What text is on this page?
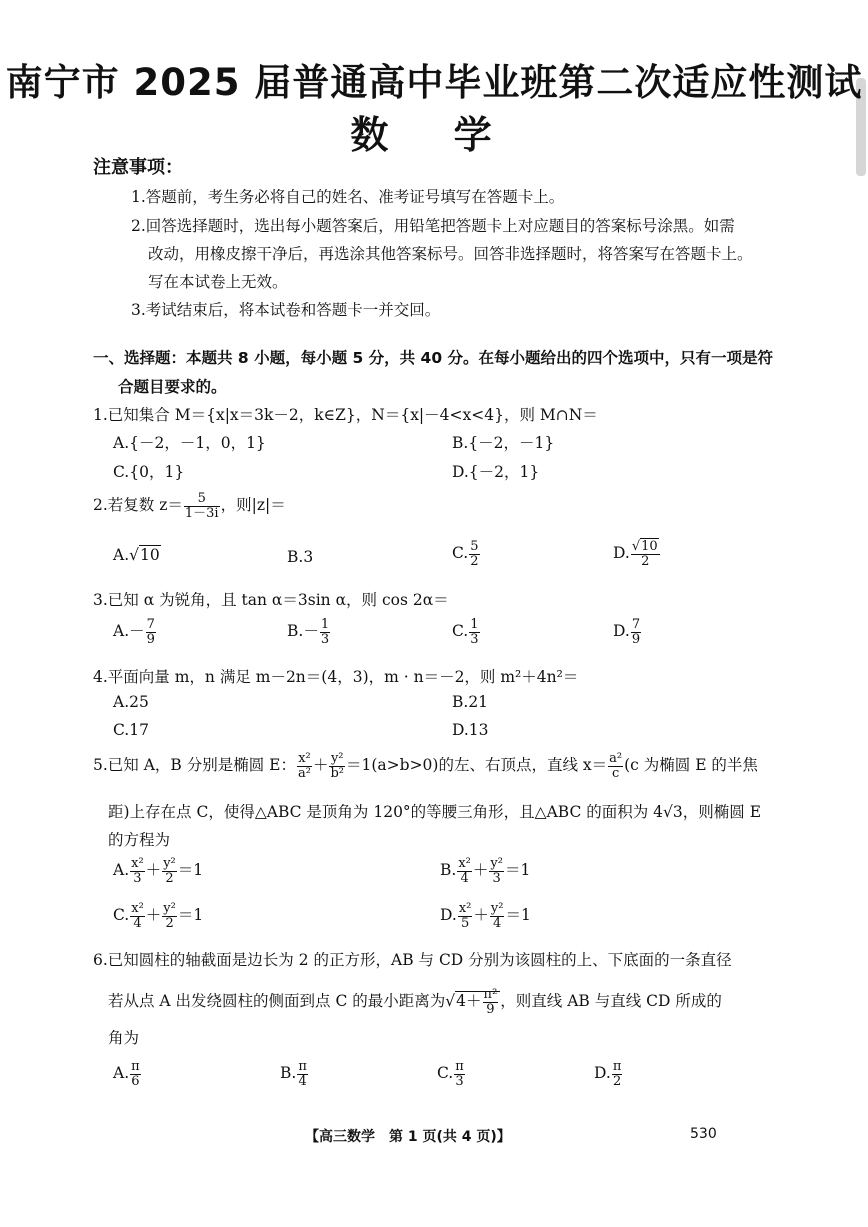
南宁市 2025 届普通高中毕业班第二次适应性测试
数 学
注意事项：
1.答题前，考生务必将自己的姓名、准考证号填写在答题卡上。
2.回答选择题时，选出每小题答案后，用铅笔把答题卡上对应题目的答案标号涂黑。如需
改动，用橡皮擦干净后，再选涂其他答案标号。回答非选择题时，将答案写在答题卡上。
写在本试卷上无效。
3.考试结束后，将本试卷和答题卡一并交回。
一、选择题：本题共 8 小题，每小题 5 分，共 40 分。在每小题给出的四个选项中，只有一项是符
合题目要求的。
1.已知集合 M＝{x|x＝3k－2，k∈Z}，N＝{x|－4<x<4}，则 M∩N＝
A.{－2，－1，0，1}	B.{－2，－1}
C.{0，1}	D.{－2，1}
2.若复数 $z= \frac{5}{1-3i}$ ，则|z|＝
A.√10	B.3	C. $\frac{5}{2}$	D. $\frac{√10}{2}$
3.已知 α 为锐角，且 tan α＝3sin α，则 cos 2α＝
$A.- \frac{7}{9}$	$B.- \frac{1}{3}$	C. $\frac{1}{3}$	D. $\frac{7}{9}$
4.平面向量 m，n 满足 m－2n＝(4，3)，m · n＝－2，则 m²＋4n²＝
A.25	B.21
C.17	D.13
5.已知 A，B 分别是椭圆 E： $\frac{\text{x²}}{\text{a²}} + \frac{\text{y²}}{\text{b²}} =1(a>b>0)$的左、右顶点，直线 $x= \frac{\text{a²}}{c} (c$ 为椭圆 E 的半焦
距)上存在点 C，使得△ABC 是顶角为 120°的等腰三角形，且△ABC 的面积为 4√3，则椭圆 E
的方程为
A. $\frac{\text{x²}}{3} + \frac{\text{y²}}{2} =1$	B. $\frac{\text{x²}}{4} + \frac{\text{y²}}{3} =1$
C. $\frac{\text{x²}}{4} + \frac{\text{y²}}{2} =1$	D. $\frac{\text{x²}}{5} + \frac{\text{y²}}{4} =1$
6.已知圆柱的轴截面是边长为 2 的正方形，AB 与 CD 分别为该圆柱的上、下底面的一条直径
若从点 A 出发绕圆柱的侧面到点 C 的最小距离为$√4+ \frac{\text{π²}}{9}$ ，则直线 AB 与直线 CD 所成的
角为
A. $\frac{\pi}{6}$	B. $\frac{\pi}{4}$	C. $\frac{\pi}{3}$	D. $\frac{\pi}{2}$
【高三数学　第 1 页(共 4 页)】	530
